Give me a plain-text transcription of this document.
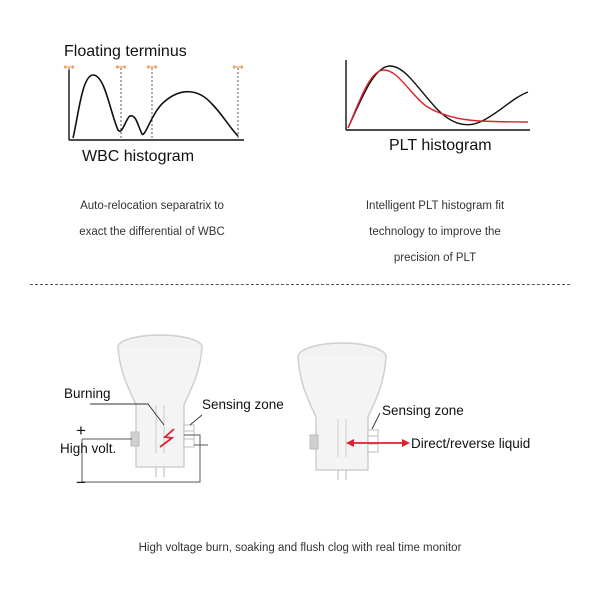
Floating terminus
WBC histogram
Auto-relocation separatrix to
exact the differential of WBC
PLT histogram
Intelligent PLT histogram fit
technology to improve the
precision of PLT
Burning
+
High volt.
−
Sensing zone	Sensing zone
Direct/reverse liquid
High voltage burn, soaking and flush clog with real time monitor
